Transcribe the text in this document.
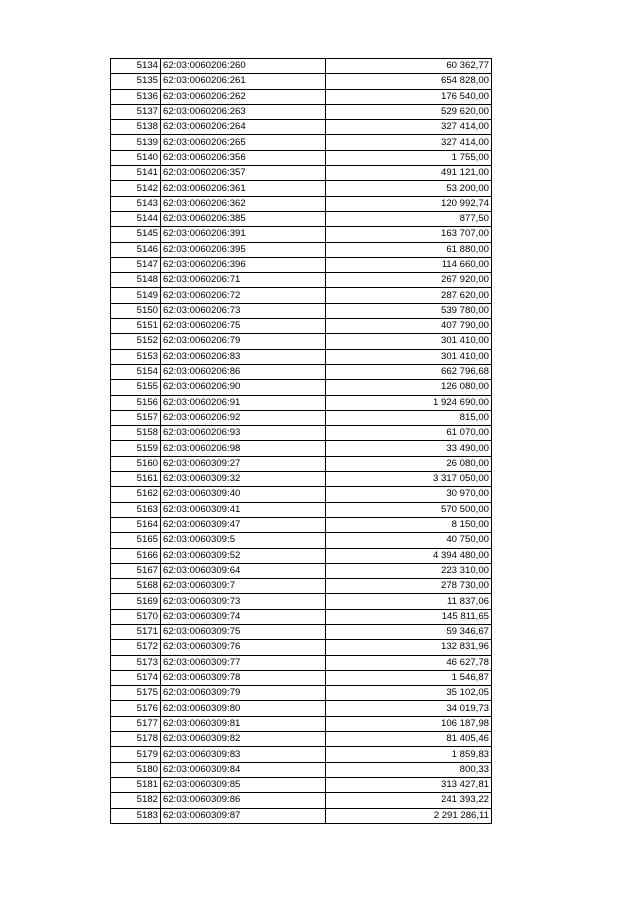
5134	62:03:0060206:260	60 362,77
5135	62:03:0060206:261	654 828,00
5136	62:03:0060206:262	176 540,00
5137	62:03:0060206:263	529 620,00
5138	62:03:0060206:264	327 414,00
5139	62:03:0060206:265	327 414,00
5140	62:03:0060206:356	1 755,00
5141	62:03:0060206:357	491 121,00
5142	62:03:0060206:361	53 200,00
5143	62:03:0060206:362	120 992,74
5144	62:03:0060206:385	877,50
5145	62:03:0060206:391	163 707,00
5146	62:03:0060206:395	61 880,00
5147	62:03:0060206:396	114 660,00
5148	62:03:0060206:71	267 920,00
5149	62:03:0060206:72	287 620,00
5150	62:03:0060206:73	539 780,00
5151	62:03:0060206:75	407 790,00
5152	62:03:0060206:79	301 410,00
5153	62:03:0060206:83	301 410,00
5154	62:03:0060206:86	662 796,68
5155	62:03:0060206:90	126 080,00
5156	62:03:0060206:91	1 924 690,00
5157	62:03:0060206:92	815,00
5158	62:03:0060206:93	61 070,00
5159	62:03:0060206:98	33 490,00
5160	62:03:0060309:27	26 080,00
5161	62:03:0060309:32	3 317 050,00
5162	62:03:0060309:40	30 970,00
5163	62:03:0060309:41	570 500,00
5164	62:03:0060309:47	8 150,00
5165	62:03:0060309:5	40 750,00
5166	62:03:0060309:52	4 394 480,00
5167	62:03:0060309:64	223 310,00
5168	62:03:0060309:7	278 730,00
5169	62:03:0060309:73	11 837,06
5170	62:03:0060309:74	145 811,65
5171	62:03:0060309:75	59 346,67
5172	62:03:0060309:76	132 831,96
5173	62:03:0060309:77	46 627,78
5174	62:03:0060309:78	1 546,87
5175	62:03:0060309:79	35 102,05
5176	62:03:0060309:80	34 019,73
5177	62:03:0060309:81	106 187,98
5178	62:03:0060309:82	81 405,46
5179	62:03:0060309:83	1 859,83
5180	62:03:0060309:84	800,33
5181	62:03:0060309:85	313 427,81
5182	62:03:0060309:86	241 393,22
5183	62:03:0060309:87	2 291 286,11
